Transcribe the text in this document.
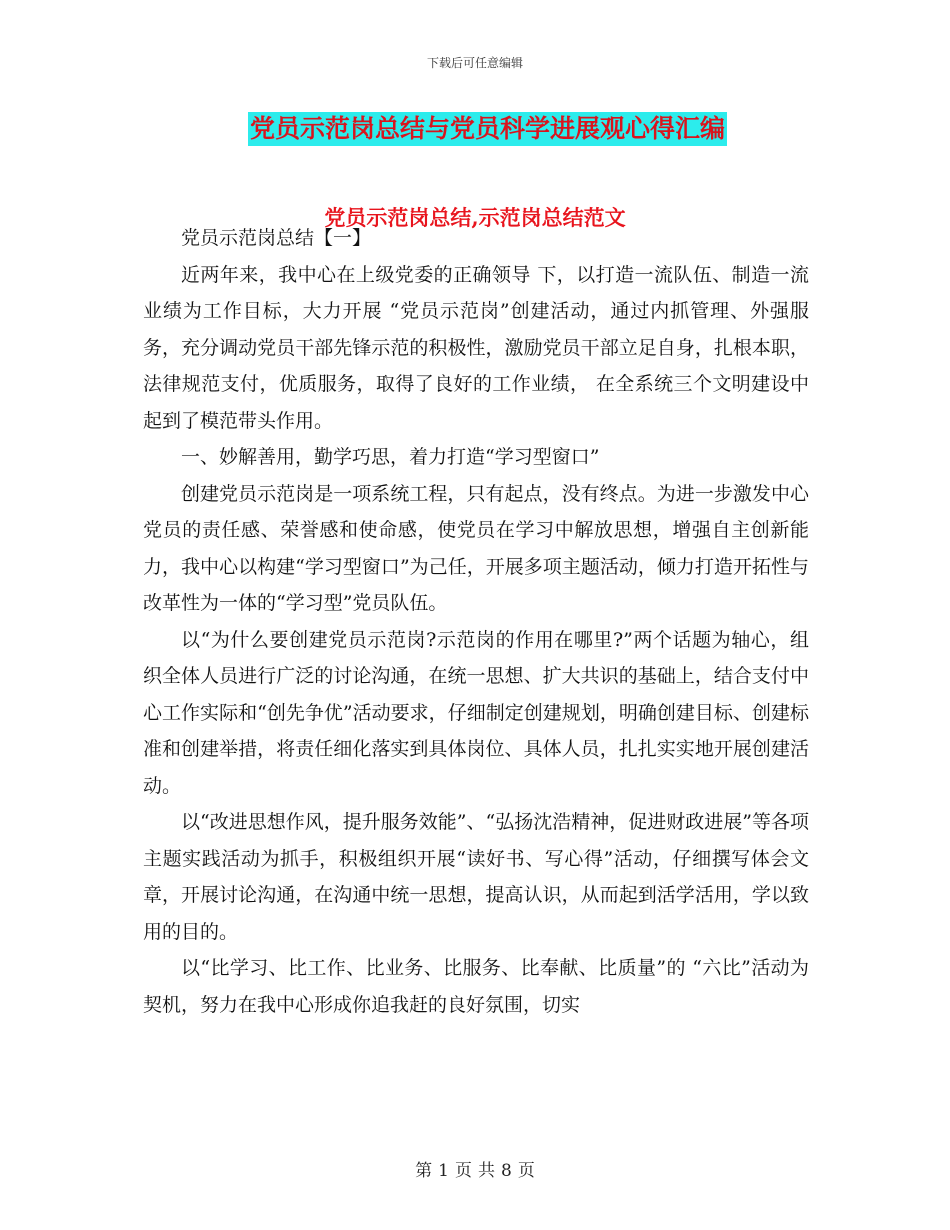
下载后可任意编辑
党员示范岗总结与党员科学进展观心得汇编
党员示范岗总结,示范岗总结范文

党员示范岗总结【一】

近两年来，我中心在上级党委的正确领导 下，以打造一流队伍、制造一流业绩为工作目标，大力开展 “党员示范岗”创建活动，通过内抓管理、外强服务，充分调动党员干部先锋示范的积极性，激励党员干部立足自身，扎根本职，法律规范支付，优质服务，取得了良好的工作业绩， 在全系统三个文明建设中起到了模范带头作用。

一、妙解善用，勤学巧思，着力打造“学习型窗口”

创建党员示范岗是一项系统工程，只有起点，没有终点。为进一步激发中心党员的责任感、荣誉感和使命感，使党员在学习中解放思想，增强自主创新能力，我中心以构建“学习型窗口”为己任，开展多项主题活动，倾力打造开拓性与改革性为一体的“学习型”党员队伍。

以“为什么要创建党员示范岗?示范岗的作用在哪里?”两个话题为轴心，组织全体人员进行广泛的讨论沟通，在统一思想、扩大共识的基础上，结合支付中心工作实际和“创先争优”活动要求，仔细制定创建规划，明确创建目标、创建标准和创建举措，将责任细化落实到具体岗位、具体人员，扎扎实实地开展创建活动。

以“改进思想作风，提升服务效能”、“弘扬沈浩精神，促进财政进展”等各项主题实践活动为抓手，积极组织开展“读好书、写心得”活动，仔细撰写体会文章，开展讨论沟通，在沟通中统一思想，提高认识，从而起到活学活用，学以致用的目的。

以“比学习、比工作、比业务、比服务、比奉献、比质量”的 “六比”活动为契机，努力在我中心形成你追我赶的良好氛围，切实

第 1 页 共 8 页
